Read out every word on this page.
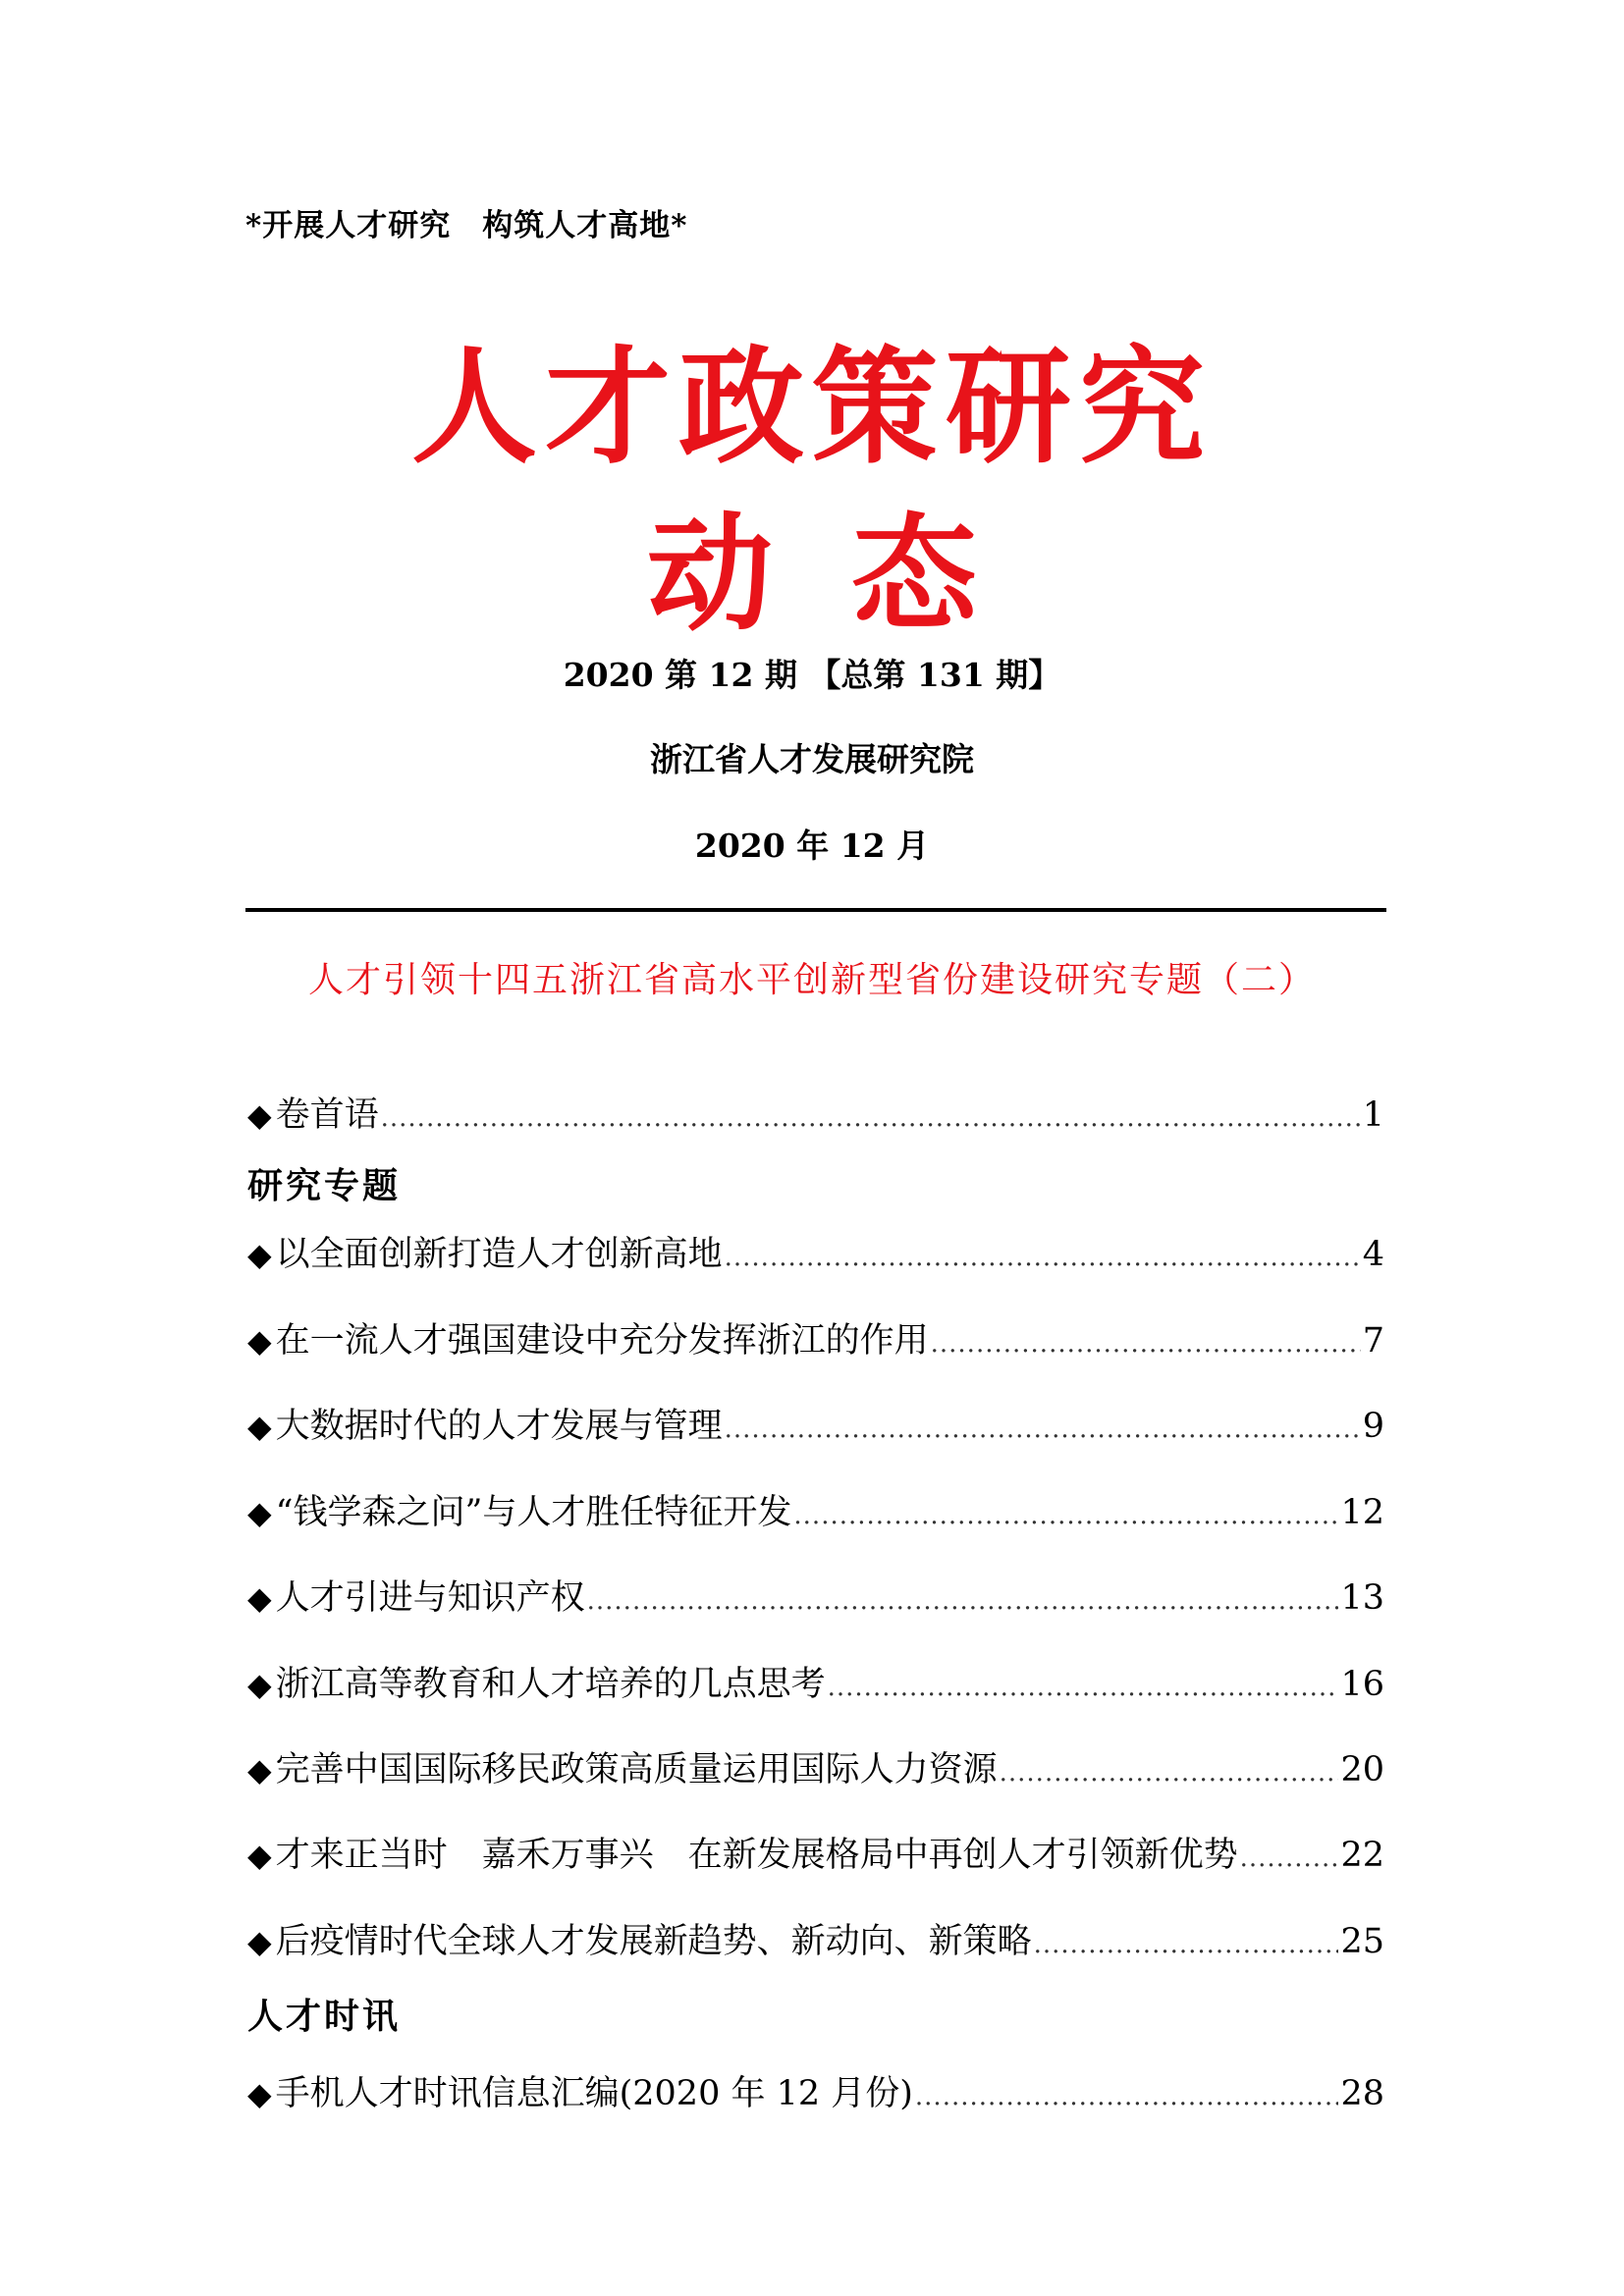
*开展人才研究　构筑人才高地*
人才政策研究
动态
2020 第 12 期 【总第 131 期】
浙江省人才发展研究院
2020 年 12 月
人才引领十四五浙江省高水平创新型省份建设研究专题（二）
◆ 卷首语 .....	1
◆ 以全面创新打造人才创新高地 .....	4
◆ 在一流人才强国建设中充分发挥浙江的作用 .....	7
◆ 大数据时代的人才发展与管理 .....	9
◆ “钱学森之问”与人才胜任特征开发 .....	12
◆ 人才引进与知识产权 .....	13
◆ 浙江高等教育和人才培养的几点思考 .....	16
◆ 完善中国国际移民政策高质量运用国际人力资源 .....	20
◆ 才来正当时　嘉禾万事兴　在新发展格局中再创人才引领新优势 .....	22
◆ 后疫情时代全球人才发展新趋势、新动向、新策略 .....	25
◆ 手机人才时讯信息汇编(2020 年 12 月份) .....	28
研究专题
人才时讯
